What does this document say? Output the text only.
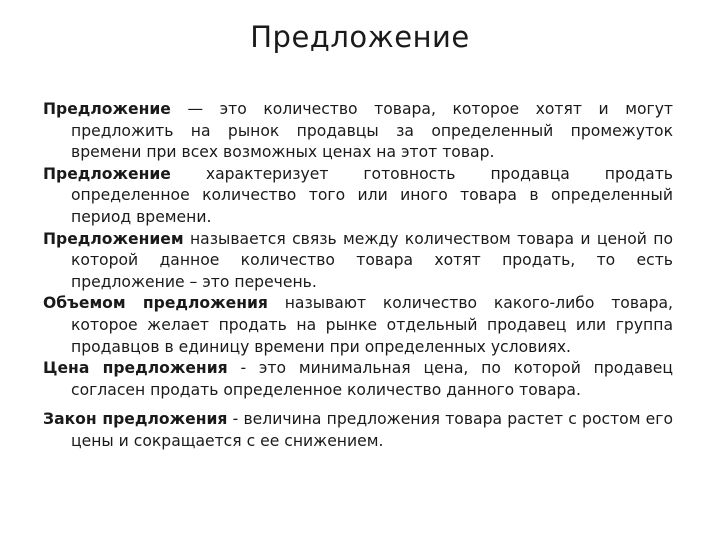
Предложение

Предложение — это количество товара, которое хотят и могут предложить на рынок продавцы за определенный промежуток времени при всех возможных ценах на этот товар.

Предложение характеризует готовность продавца продать определенное количество того или иного товара в определенный период времени.

Предложением называется связь между количеством товара и ценой по которой данное количество товара хотят продать, то есть предложение – это перечень.

Объемом предложения называют количество какого-либо товара, которое желает продать на рынке отдельный продавец или группа продавцов в единицу времени при определенных условиях.

Цена предложения - это минимальная цена, по которой продавец согласен продать определенное количество данного товара.

Закон предложения - величина предложения товара растет с ростом его цены и сокращается с ее снижением.
